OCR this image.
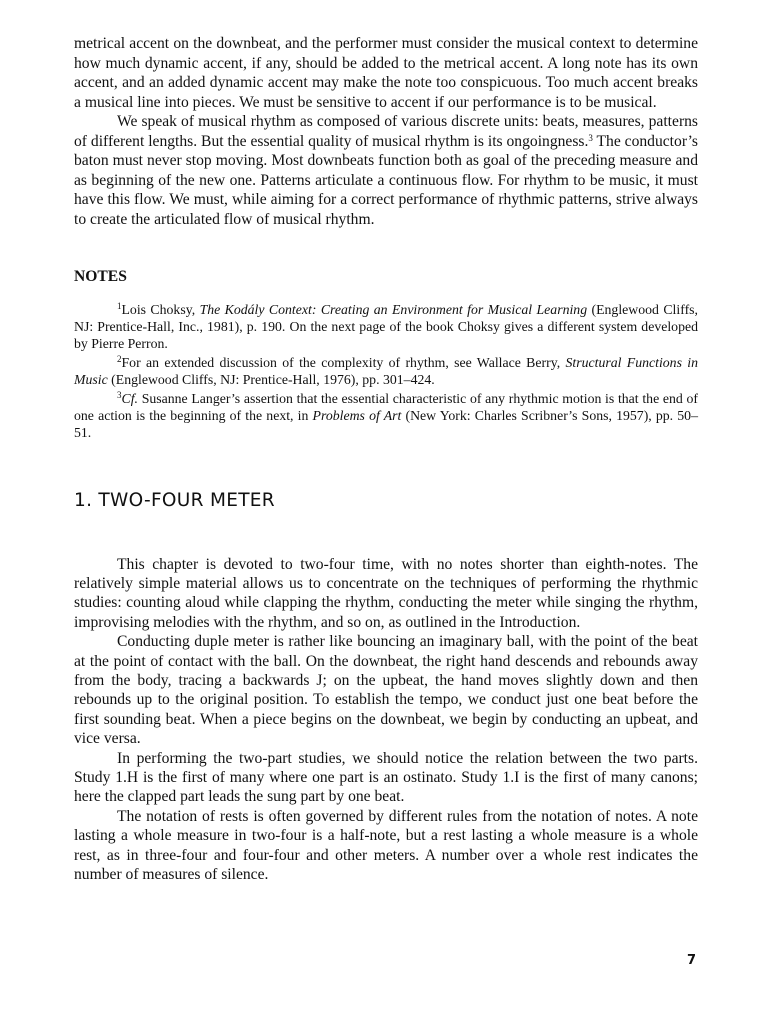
metrical accent on the downbeat, and the performer must consider the musical context to determine how much dynamic accent, if any, should be added to the metrical accent. A long note has its own accent, and an added dynamic accent may make the note too conspicuous. Too much accent breaks a musical line into pieces. We must be sensitive to accent if our performance is to be musical.

We speak of musical rhythm as composed of various discrete units: beats, measures, patterns of different lengths. But the essential quality of musical rhythm is its ongoingness.$^3$ The conductor’s baton must never stop moving. Most downbeats function both as goal of the preceding measure and as beginning of the new one. Patterns articulate a continuous flow. For rhythm to be music, it must have this flow. We must, while aiming for a correct performance of rhythmic patterns, strive always to create the articulated flow of musical rhythm.

NOTES

$^1$Lois Choksy, The Kodály Context: Creating an Environment for Musical Learning (Englewood Cliffs, NJ: Prentice-Hall, Inc., 1981), p. 190. On the next page of the book Choksy gives a different system developed by Pierre Perron.

$^2$For an extended discussion of the complexity of rhythm, see Wallace Berry, Structural Functions in Music (Englewood Cliffs, NJ: Prentice-Hall, 1976), pp. 301–424.

$^3$Cf. Susanne Langer’s assertion that the essential characteristic of any rhythmic motion is that the end of one action is the beginning of the next, in Problems of Art (New York: Charles Scribner’s Sons, 1957), pp. 50–51.

1. TWO-FOUR METER

This chapter is devoted to two-four time, with no notes shorter than eighth-notes. The relatively simple material allows us to concentrate on the techniques of performing the rhythmic studies: counting aloud while clapping the rhythm, conducting the meter while singing the rhythm, improvising melodies with the rhythm, and so on, as outlined in the Introduction.

Conducting duple meter is rather like bouncing an imaginary ball, with the point of the beat at the point of contact with the ball. On the downbeat, the right hand descends and rebounds away from the body, tracing a backwards J; on the upbeat, the hand moves slightly down and then rebounds up to the original position. To establish the tempo, we conduct just one beat before the first sounding beat. When a piece begins on the downbeat, we begin by conducting an upbeat, and vice versa.

In performing the two-part studies, we should notice the relation between the two parts. Study 1.H is the first of many where one part is an ostinato. Study 1.I is the first of many canons; here the clapped part leads the sung part by one beat.

The notation of rests is often governed by different rules from the notation of notes. A note lasting a whole measure in two-four is a half-note, but a rest lasting a whole measure is a whole rest, as in three-four and four-four and other meters. A number over a whole rest indicates the number of measures of silence.

7
